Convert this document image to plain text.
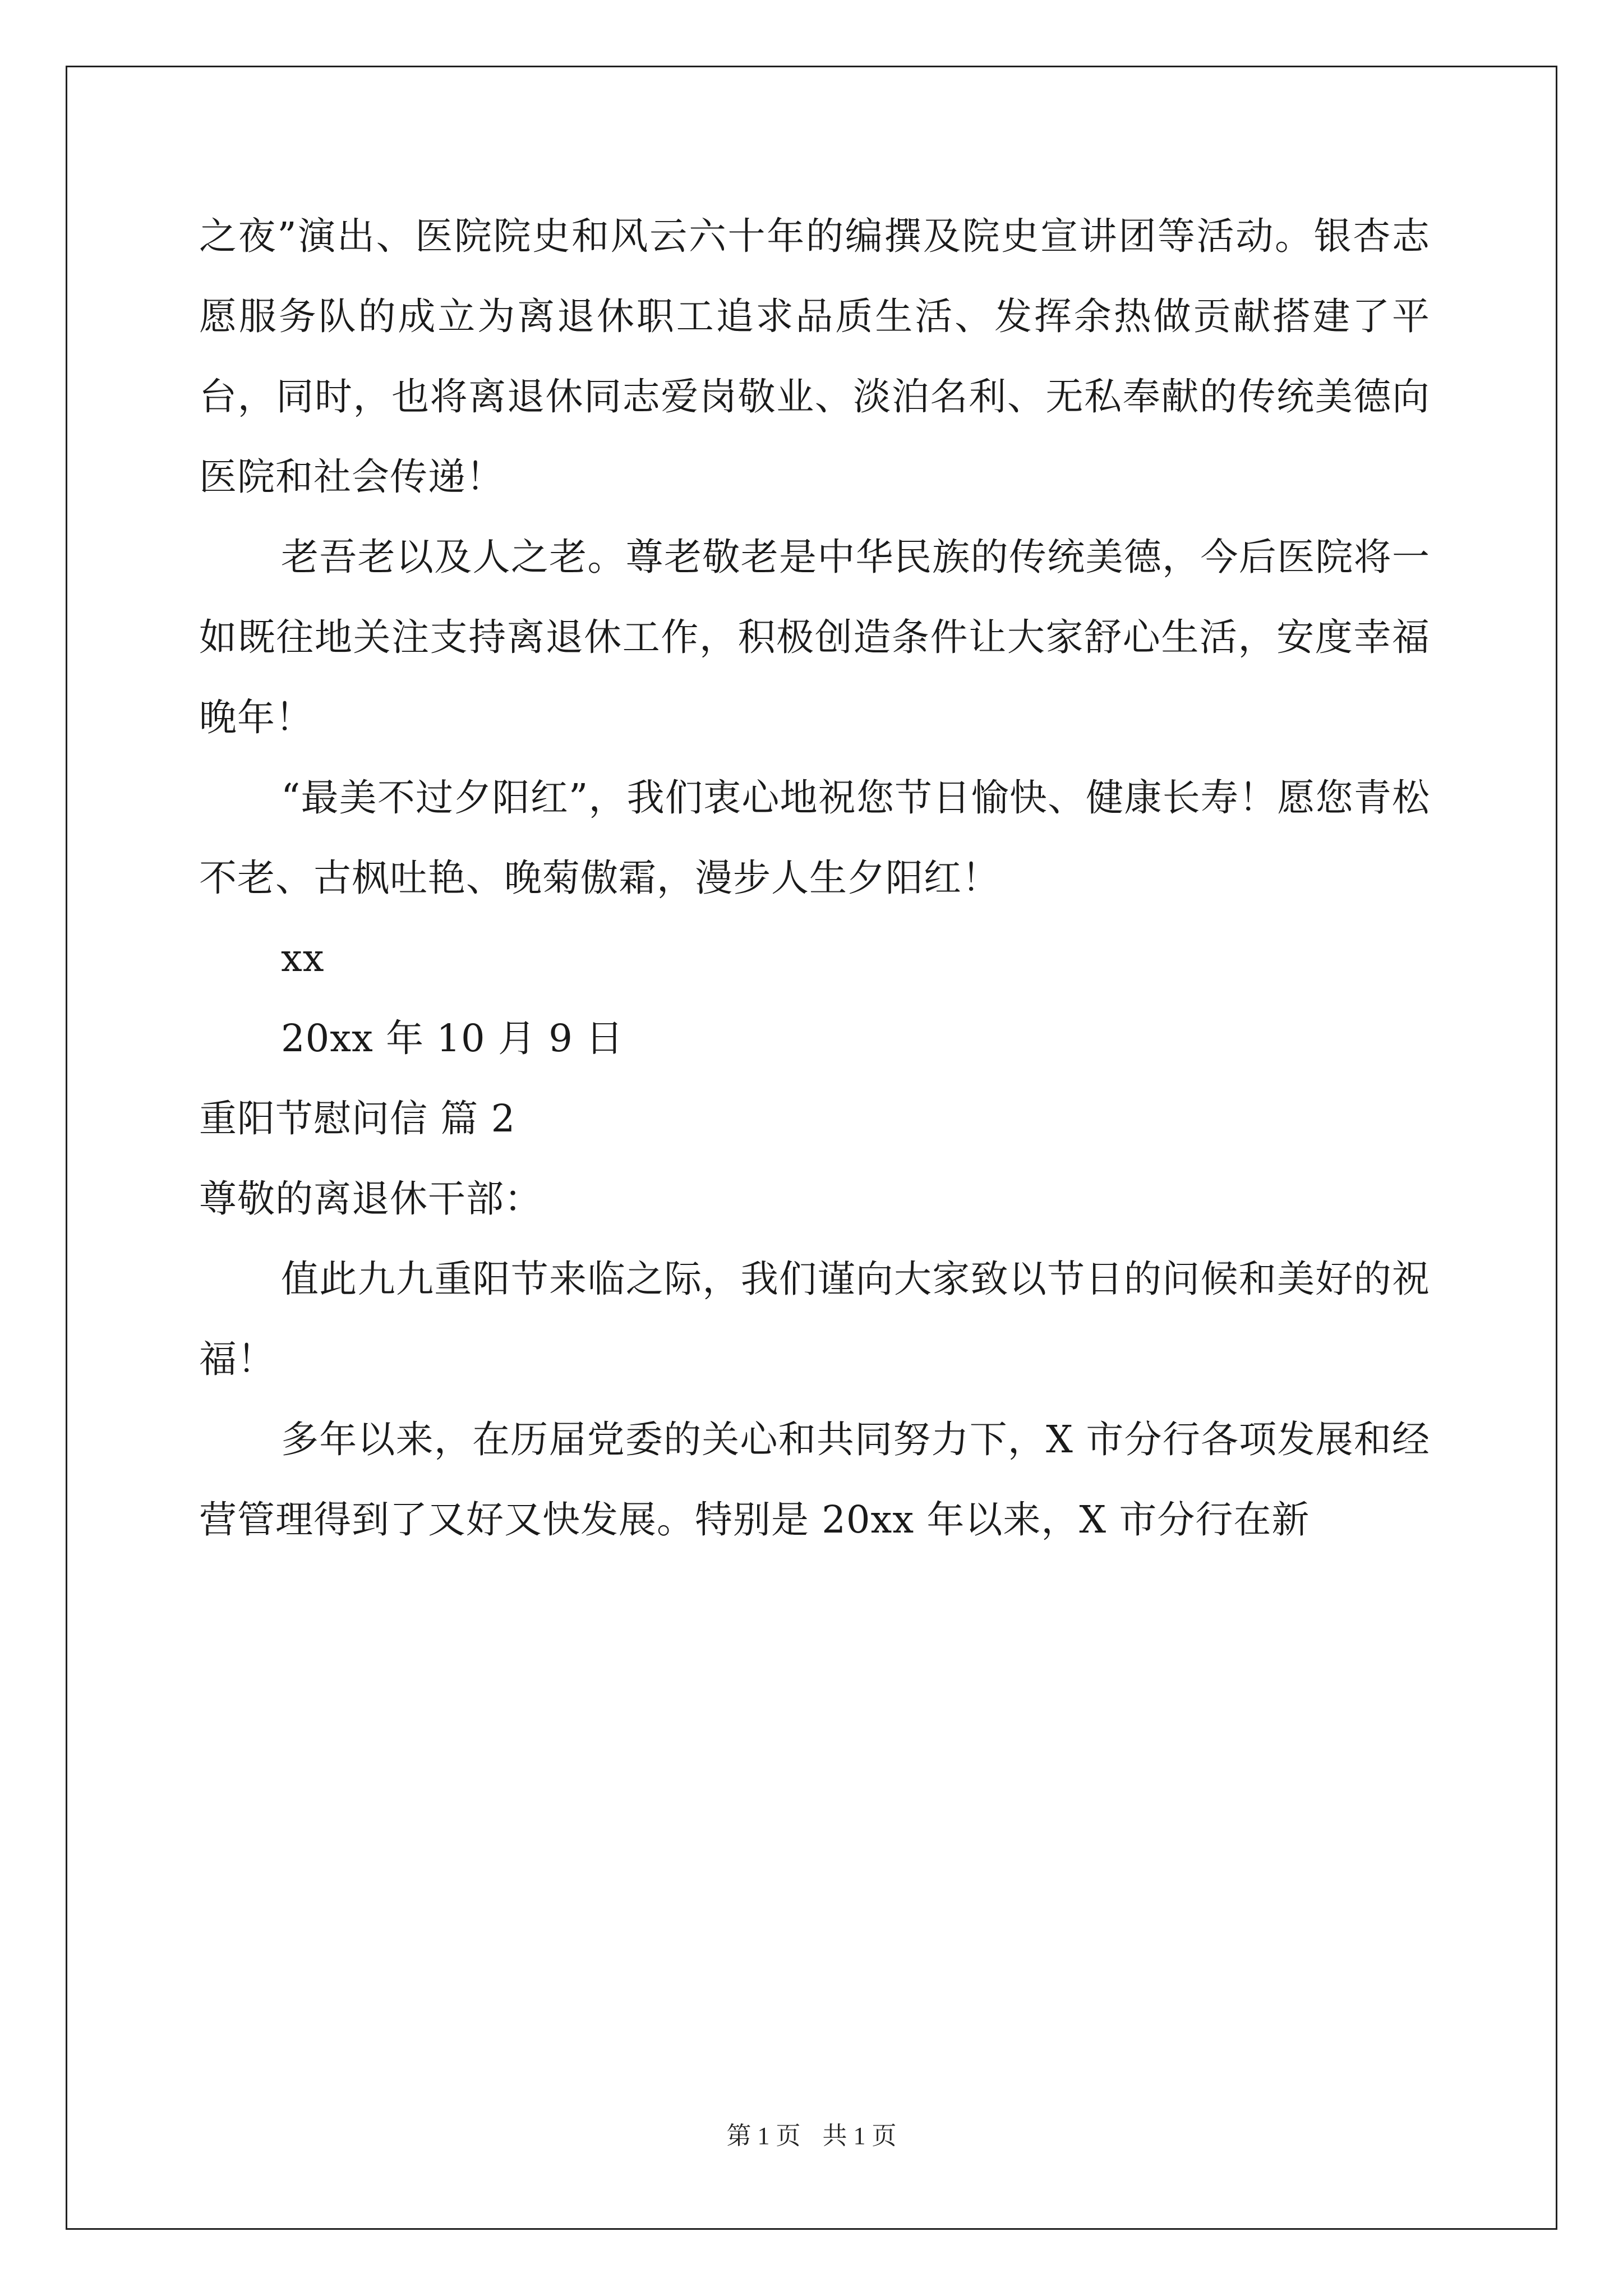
之夜”演出、医院院史和风云六十年的编撰及院史宣讲团等活动。银杏志愿服务队的成立为离退休职工追求品质生活、发挥余热做贡献搭建了平台，同时，也将离退休同志爱岗敬业、淡泊名利、无私奉献的传统美德向医院和社会传递！

老吾老以及人之老。尊老敬老是中华民族的传统美德，今后医院将一如既往地关注支持离退休工作，积极创造条件让大家舒心生活，安度幸福晚年！

“最美不过夕阳红”，我们衷心地祝您节日愉快、健康长寿！愿您青松不老、古枫吐艳、晚菊傲霜，漫步人生夕阳红！

xx

20xx 年 10 月 9 日

重阳节慰问信 篇 2

尊敬的离退休干部：

值此九九重阳节来临之际，我们谨向大家致以节日的问候和美好的祝福！

多年以来，在历届党委的关心和共同努力下，X 市分行各项发展和经营管理得到了又好又快发展。特别是 20xx 年以来，X 市分行在新

第 1 页 共 1 页
